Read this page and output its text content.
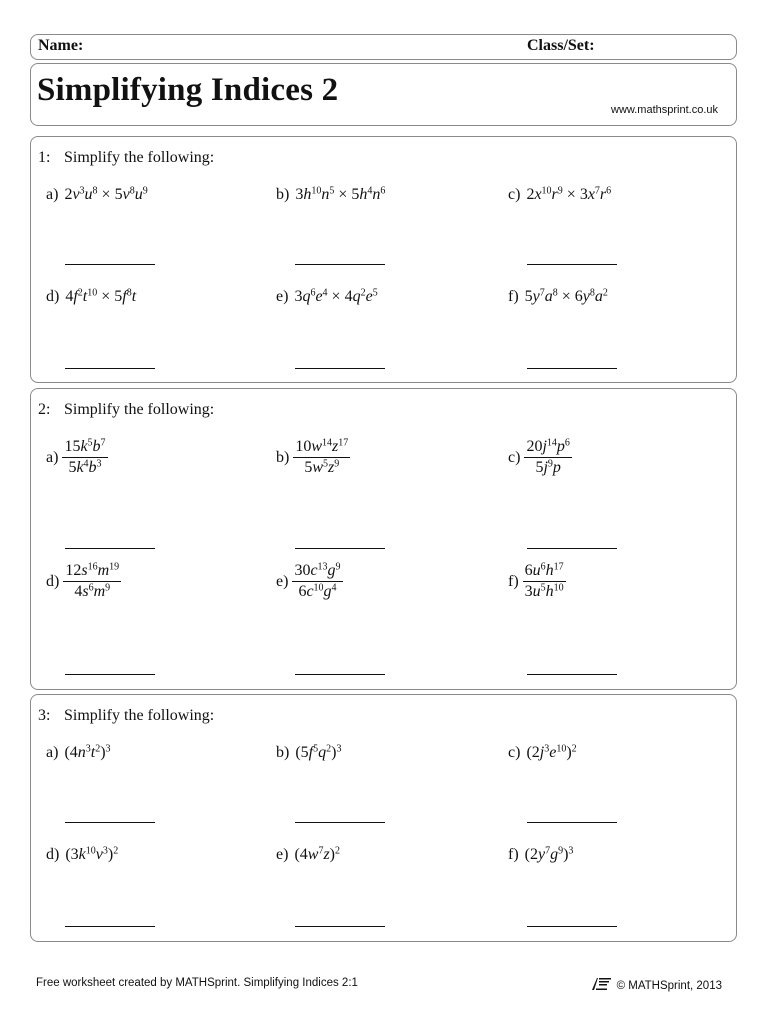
Name:	Class/Set:
Simplifying Indices 2
www.mathsprint.co.uk
1: Simplify the following:
2: Simplify the following:
3: Simplify the following:
Free worksheet created by MATHSprint. Simplifying Indices 2:1	© MATHSprint, 2013
a) $2v^3u^8 \times 5v^8u^9$	b) $3h^{10}n^5 \times 5h^4n^6$	c) $2x^{10}r^9 \times 3x^7r^6$
d) $4f^2t^{10} \times 5f^8t$	e) $3q^6e^4 \times 4q^2e^5$	f) $5y^7a^8 \times 6y^8a^2$
$a) \frac{15k^5b^7}{5k^4b^3}$	$b) \frac{10w^{14}z^{17}}{5w^5z^9}$	$c) \frac{20j^{14}p^6}{5j^9p}$
$d) \frac{12s^{16}m^{19}}{4s^6m^9}$	$e) \frac{30c^{13}g^9}{6c^{10}g^4}$	$f) \frac{6u^6h^{17}}{3u^5h^{10}}$
a) $(4n^3t^2)^3$	b) $(5f^5q^2)^3$	c) $(2j^3e^{10})^2$
d) $(3k^{10}v^3)^2$	e) $(4w^7z)^2$	f) $(2y^7g^9)^3$
